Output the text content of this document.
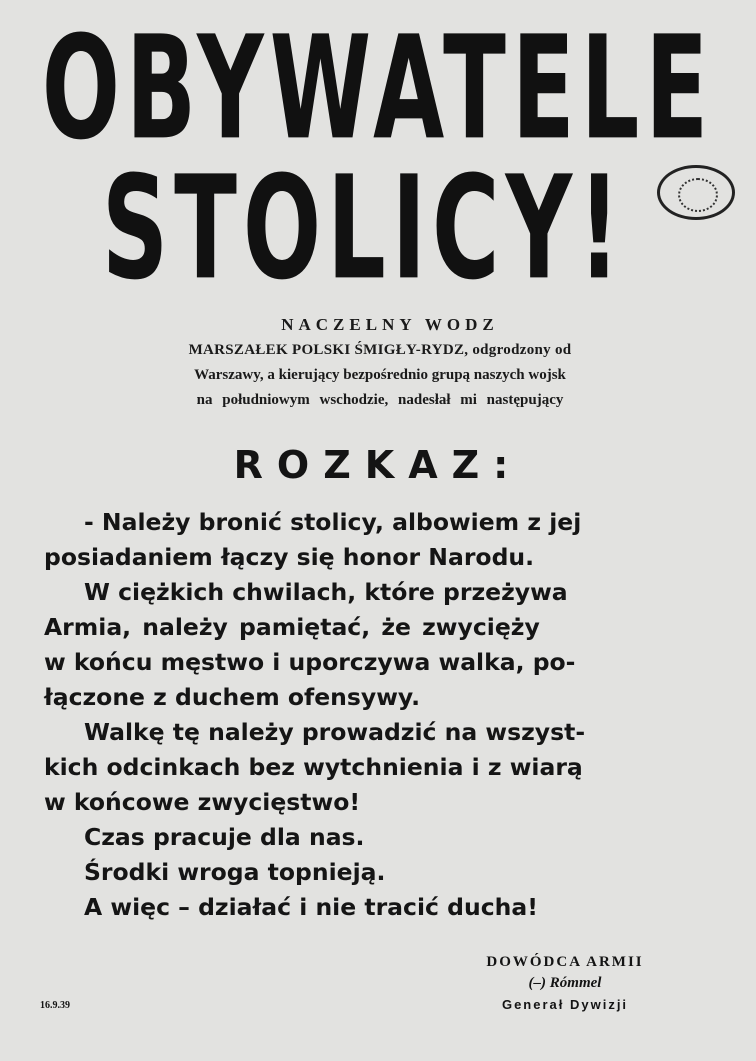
OBYWATELE
STOLICY!
NACZELNY WODZ
MARSZAŁEK POLSKI ŚMIGŁY-RYDZ, odgrodzony od
Warszawy, a kierujący bezpośrednio grupą naszych wojsk
na południowym wschodzie, nadesłał mi następujący
ROZKAZ:
- Należy bronić stolicy, albowiem z jej
posiadaniem łączy się honor Narodu.
W ciężkich chwilach, które przeżywa
Armia, należy pamiętać, że zwycięży
w końcu męstwo i uporczywa walka, po-
łączone z duchem ofensywy.
Walkę tę należy prowadzić na wszyst-
kich odcinkach bez wytchnienia i z wiarą
w końcowe zwycięstwo!
Czas pracuje dla nas.
Środki wroga topnieją.
A więc – działać i nie tracić ducha!
DOWÓDCA ARMII
(–) Rómmel
Generał Dywizji
16.9.39
